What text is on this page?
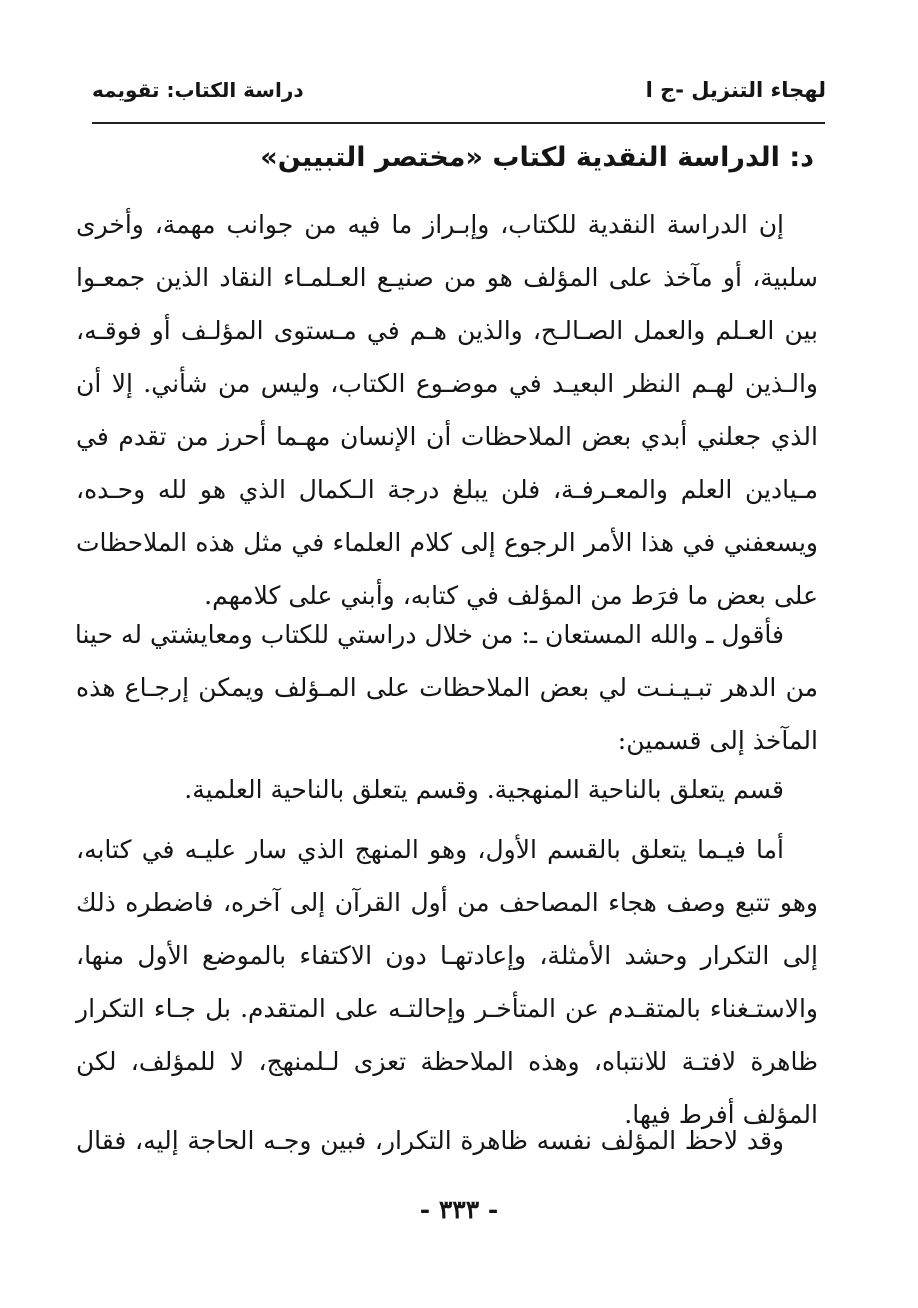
لهجاء التنزيل -ج ا
دراسة الكتاب: تقويمه
د: الدراسة النقدية لكتاب «مختصر التبيين»
إن الدراسة النقدية للكتاب، وإبـراز ما فيه من جوانب مهمة، وأخرى
سلبية، أو مآخذ على المؤلف هو من صنيـع العـلمـاء النقاد الذين جمعـوا
بين العـلم والعمل الصـالـح، والذين هـم في مـستوى المؤلـف أو فوقـه،
والـذين لهـم النظر البعيـد في موضـوع الكتاب، وليس من شأني. إلا أن
الذي جعلني أبدي بعض الملاحظات أن الإنسان مهـما أحرز من تقدم في
مـيادين العلم والمعـرفـة، فلن يبلغ درجة الـكمال الذي هو لله وحـده،
ويسعفني في هذا الأمر الرجوع إلى كلام العلماء في مثل هذه الملاحظات
على بعض ما فرَط من المؤلف في كتابه، وأبني على كلامهم.
فأقول ـ والله المستعان ـ: من خلال دراستي للكتاب ومعايشتي له حينا
من الدهر تبـيـنـت لي بعض الملاحظات على المـؤلف ويمكن إرجـاع هذه
المآخذ إلى قسمين:
قسم يتعلق بالناحية المنهجية. وقسم يتعلق بالناحية العلمية.
أما فيـما يتعلق بالقسم الأول، وهو المنهج الذي سار عليـه في كتابه،
وهو تتبع وصف هجاء المصاحف من أول القرآن إلى آخره، فاضطره ذلك
إلى التكرار وحشد الأمثلة، وإعادتهـا دون الاكتفاء بالموضع الأول منها،
والاستـغناء بالمتقـدم عن المتأخـر وإحالتـه على المتقدم. بل جـاء التكرار
ظاهرة لافتـة للانتباه، وهذه الملاحظة تعزى لـلمنهج، لا للمؤلف، لكن
المؤلف أفرط فيها.
وقد لاحظ المؤلف نفسه ظاهرة التكرار، فبين وجـه الحاجة إليه، فقال
- ٣٣٣ -
